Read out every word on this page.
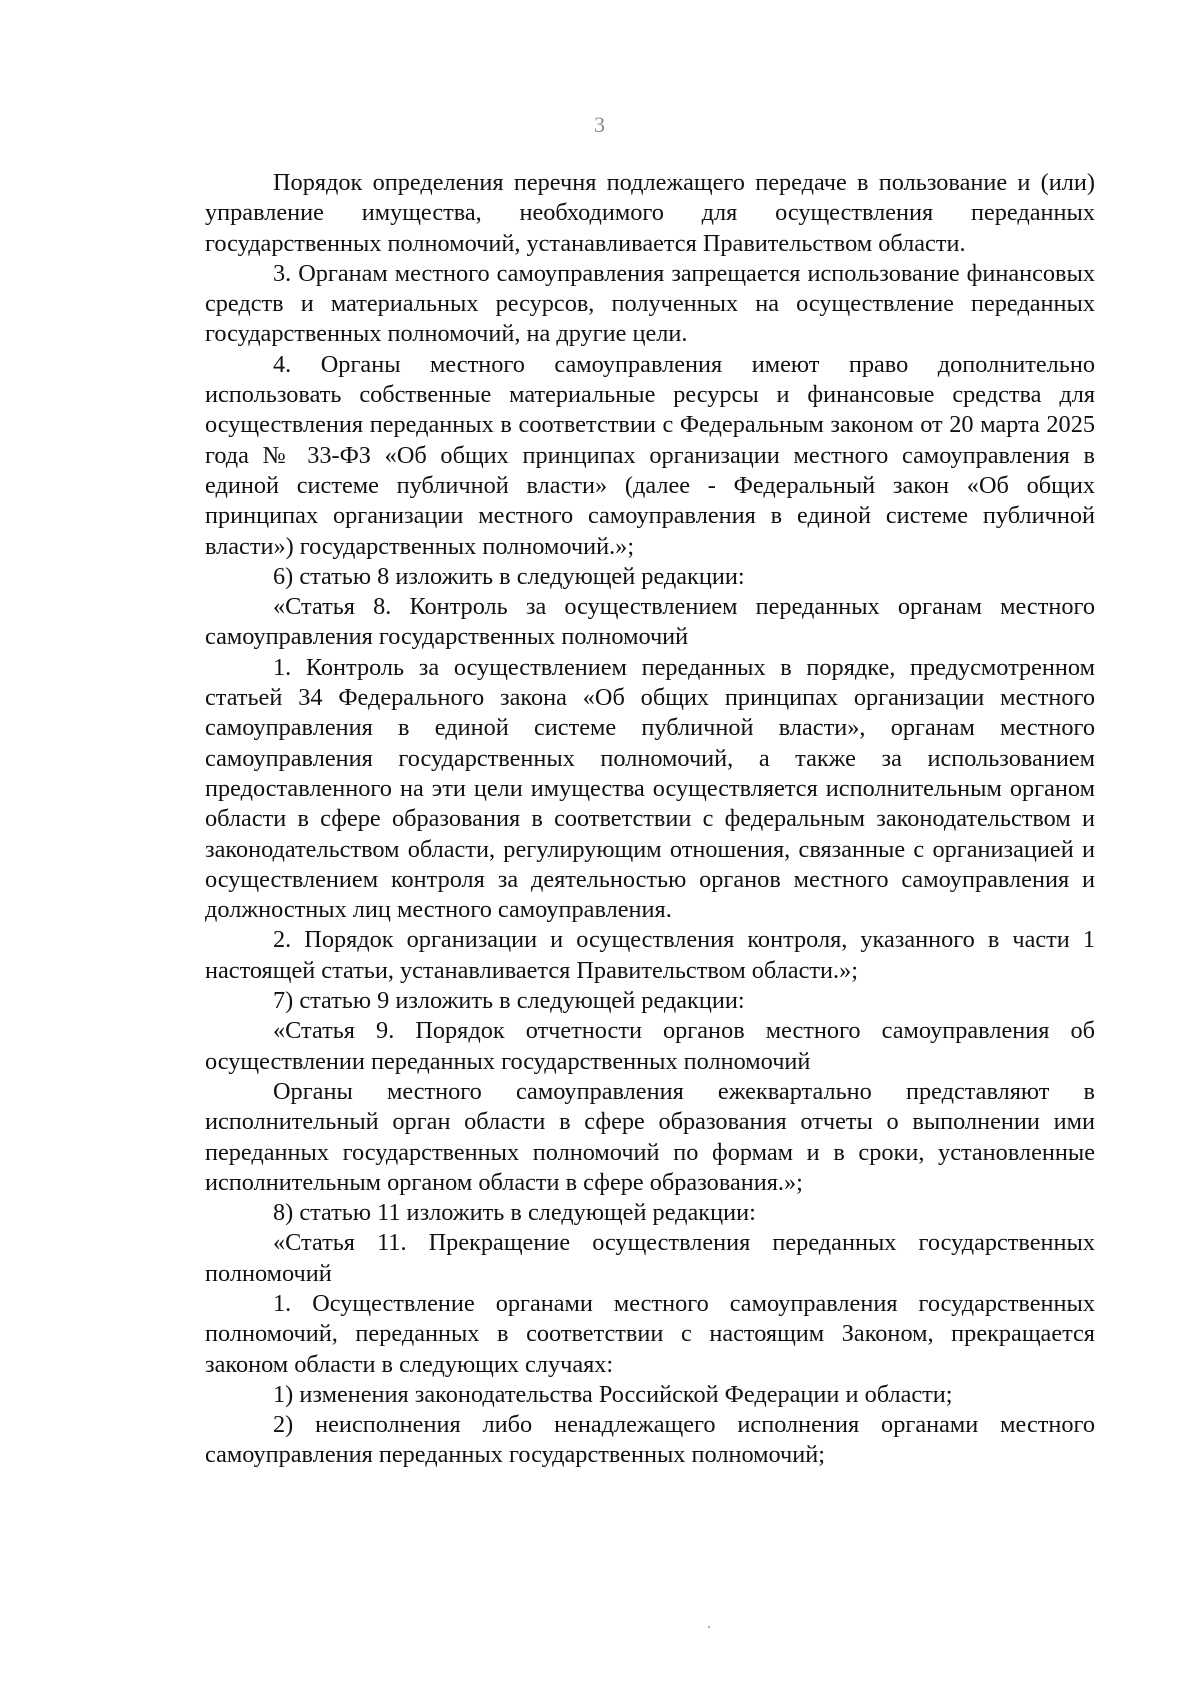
3

Порядок определения перечня подлежащего передаче в пользование и (или) управление имущества, необходимого для осуществления переданных государственных полномочий, устанавливается Правительством области.

3. Органам местного самоуправления запрещается использование финансовых средств и материальных ресурсов, полученных на осуществление переданных государственных полномочий, на другие цели.

4. Органы местного самоуправления имеют право дополнительно использовать собственные материальные ресурсы и финансовые средства для осуществления переданных в соответствии с Федеральным законом от 20 марта 2025 года № 33-ФЗ «Об общих принципах организации местного самоуправления в единой системе публичной власти» (далее - Федеральный закон «Об общих принципах организации местного самоуправления в единой системе публичной власти») государственных полномочий.»;

6) статью 8 изложить в следующей редакции:

«Статья 8. Контроль за осуществлением переданных органам местного самоуправления государственных полномочий

1. Контроль за осуществлением переданных в порядке, предусмотренном статьей 34 Федерального закона «Об общих принципах организации местного самоуправления в единой системе публичной власти», органам местного самоуправления государственных полномочий, а также за использованием предоставленного на эти цели имущества осуществляется исполнительным органом области в сфере образования в соответствии с федеральным законодательством и законодательством области, регулирующим отношения, связанные с организацией и осуществлением контроля за деятельностью органов местного самоуправления и должностных лиц местного самоуправления.

2. Порядок организации и осуществления контроля, указанного в части 1 настоящей статьи, устанавливается Правительством области.»;

7) статью 9 изложить в следующей редакции:

«Статья 9. Порядок отчетности органов местного самоуправления об осуществлении переданных государственных полномочий

Органы местного самоуправления ежеквартально представляют в исполнительный орган области в сфере образования отчеты о выполнении ими переданных государственных полномочий по формам и в сроки, установленные исполнительным органом области в сфере образования.»;

8) статью 11 изложить в следующей редакции:

«Статья 11. Прекращение осуществления переданных государственных полномочий

1. Осуществление органами местного самоуправления государственных полномочий, переданных в соответствии с настоящим Законом, прекращается законом области в следующих случаях:

1) изменения законодательства Российской Федерации и области;

2) неисполнения либо ненадлежащего исполнения органами местного самоуправления переданных государственных полномочий;
